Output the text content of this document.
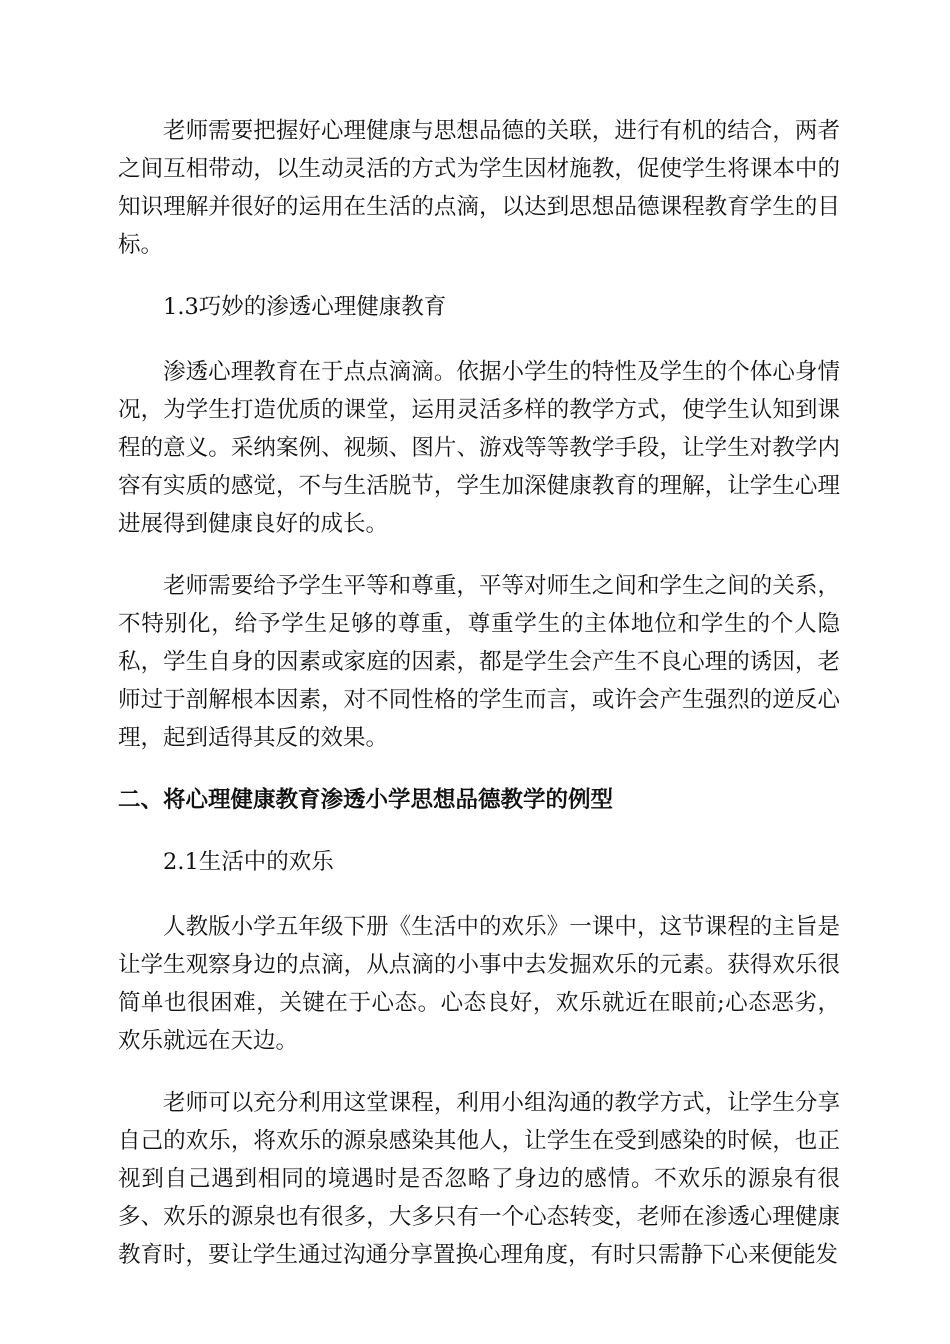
老师需要把握好心理健康与思想品德的关联，进行有机的结合，两者之间互相带动，以生动灵活的方式为学生因材施教，促使学生将课本中的知识理解并很好的运用在生活的点滴，以达到思想品德课程教育学生的目标。

1.3巧妙的渗透心理健康教育

渗透心理教育在于点点滴滴。依据小学生的特性及学生的个体心身情况，为学生打造优质的课堂，运用灵活多样的教学方式，使学生认知到课程的意义。采纳案例、视频、图片、游戏等等教学手段，让学生对教学内容有实质的感觉，不与生活脱节，学生加深健康教育的理解，让学生心理进展得到健康良好的成长。

老师需要给予学生平等和尊重，平等对师生之间和学生之间的关系，不特别化，给予学生足够的尊重，尊重学生的主体地位和学生的个人隐私，学生自身的因素或家庭的因素，都是学生会产生不良心理的诱因，老师过于剖解根本因素，对不同性格的学生而言，或许会产生强烈的逆反心理，起到适得其反的效果。

二、将心理健康教育渗透小学思想品德教学的例型

2.1生活中的欢乐

人教版小学五年级下册《生活中的欢乐》一课中，这节课程的主旨是让学生观察身边的点滴，从点滴的小事中去发掘欢乐的元素。获得欢乐很简单也很困难，关键在于心态。心态良好，欢乐就近在眼前;心态恶劣，欢乐就远在天边。

老师可以充分利用这堂课程，利用小组沟通的教学方式，让学生分享自己的欢乐，将欢乐的源泉感染其他人，让学生在受到感染的时候，也正视到自己遇到相同的境遇时是否忽略了身边的感情。不欢乐的源泉有很多、欢乐的源泉也有很多，大多只有一个心态转变，老师在渗透心理健康教育时，要让学生通过沟通分享置换心理角度，有时只需静下心来便能发
